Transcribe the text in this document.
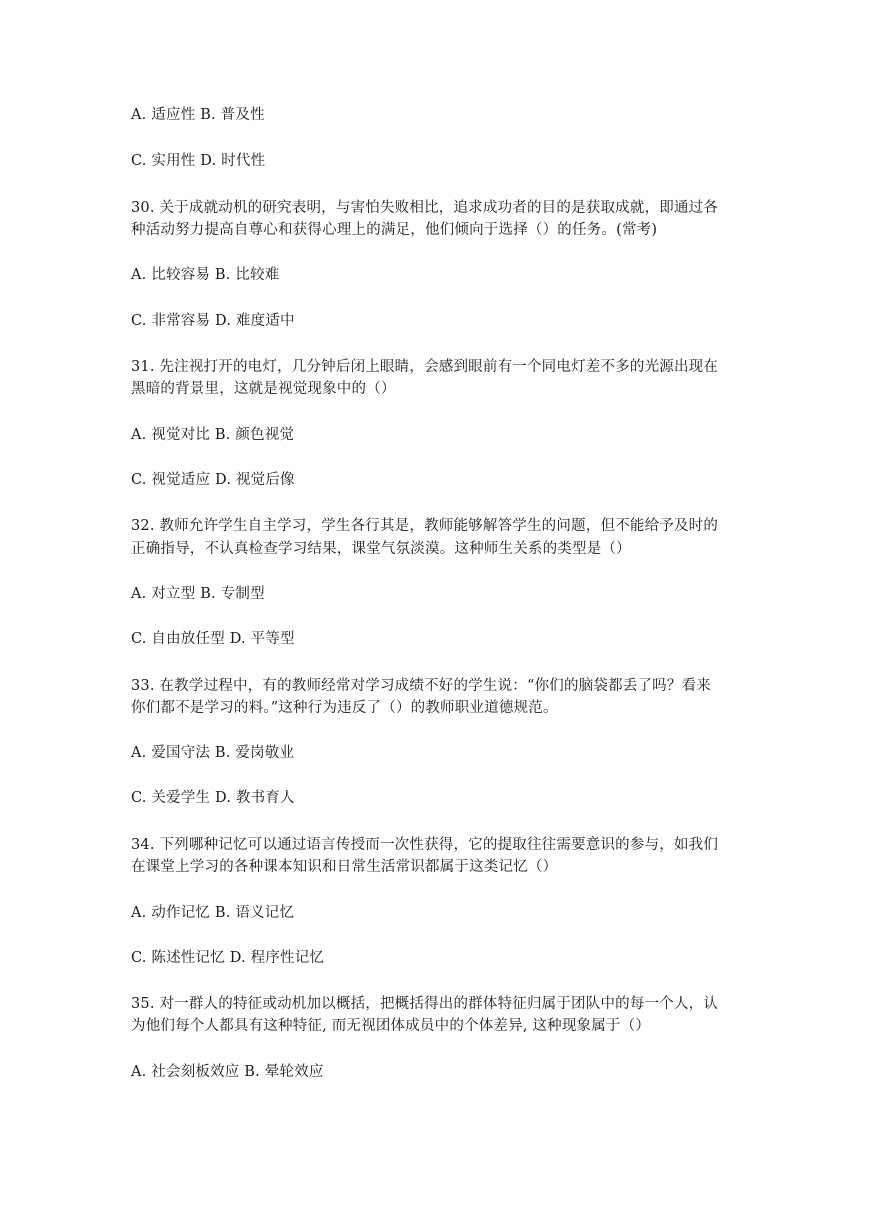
A. 适应性 B. 普及性
C. 实用性 D. 时代性
30. 关于成就动机的研究表明，与害怕失败相比，追求成功者的目的是获取成就，即通过各
种活动努力提高自尊心和获得心理上的满足，他们倾向于选择（）的任务。(常考)
A. 比较容易 B. 比较难
C. 非常容易 D. 难度适中
31. 先注视打开的电灯，几分钟后闭上眼睛，会感到眼前有一个同电灯差不多的光源出现在
黑暗的背景里，这就是视觉现象中的（）
A. 视觉对比 B. 颜色视觉
C. 视觉适应 D. 视觉后像
32. 教师允许学生自主学习，学生各行其是，教师能够解答学生的问题，但不能给予及时的
正确指导，不认真检查学习结果，课堂气氛淡漠。这种师生关系的类型是（）
A. 对立型 B. 专制型
C. 自由放任型 D. 平等型
33. 在教学过程中，有的教师经常对学习成绩不好的学生说：“你们的脑袋都丢了吗？看来
你们都不是学习的料。”这种行为违反了（）的教师职业道德规范。
A. 爱国守法 B. 爱岗敬业
C. 关爱学生 D. 教书育人
34. 下列哪种记忆可以通过语言传授而一次性获得，它的提取往往需要意识的参与，如我们
在课堂上学习的各种课本知识和日常生活常识都属于这类记忆（）
A. 动作记忆 B. 语义记忆
C. 陈述性记忆 D. 程序性记忆
35. 对一群人的特征或动机加以概括，把概括得出的群体特征归属于团队中的每一个人，认
为他们每个人都具有这种特征, 而无视团体成员中的个体差异, 这种现象属于（）
A. 社会刻板效应 B. 晕轮效应
